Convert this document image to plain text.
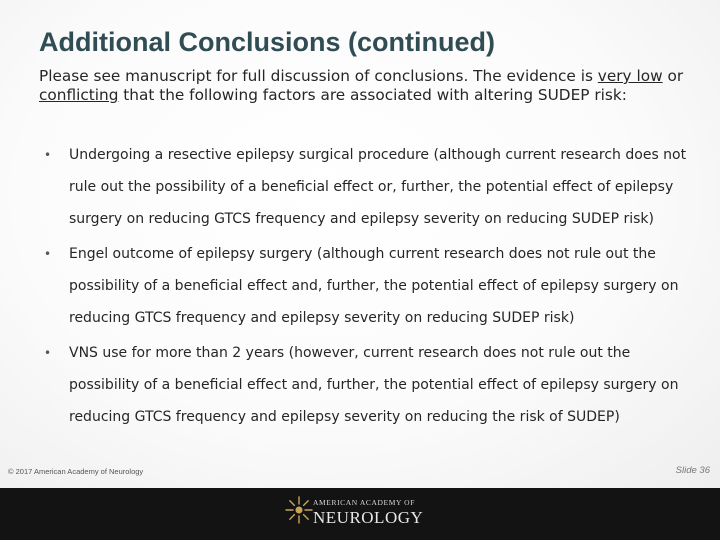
Additional Conclusions (continued)
Please see manuscript for full discussion of conclusions. The evidence is very low or conflicting that the following factors are associated with altering SUDEP risk:
• Undergoing a resective epilepsy surgical procedure (although current research does not rule out the possibility of a beneficial effect or, further, the potential effect of epilepsy surgery on reducing GTCS frequency and epilepsy severity on reducing SUDEP risk)
• Engel outcome of epilepsy surgery (although current research does not rule out the possibility of a beneficial effect and, further, the potential effect of epilepsy surgery on reducing GTCS frequency and epilepsy severity on reducing SUDEP risk)
• VNS use for more than 2 years (however, current research does not rule out the possibility of a beneficial effect and, further, the potential effect of epilepsy surgery on reducing GTCS frequency and epilepsy severity on reducing the risk of SUDEP)
© 2017 American Academy of Neurology	Slide 36
AMERICAN ACADEMY OF
NEUROLOGY
